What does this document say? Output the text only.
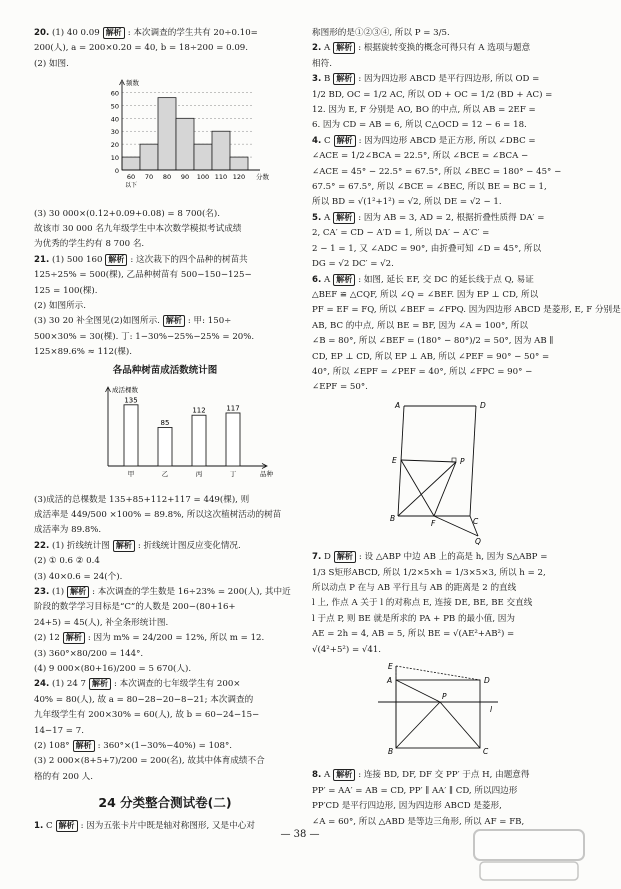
20. (1) 40 0.09 解析 : 本次调查的学生共有 20÷0.10=
200(人), a = 200×0.20 = 40, b = 18÷200 = 0.09.
(2) 如图.
0
10
20
30
40
50
60
频数
60 70 80 90 100 110 120
以下
分数
(3) 30 000×(0.12+0.09+0.08) = 8 700(名).
故该市 30 000 名九年级学生中本次数学模拟考试成绩
为优秀的学生约有 8 700 名.
21. (1) 500 160 解析 : 这次栽下的四个品种的树苗共
125÷25% = 500(棵), 乙品种树苗有 500−150−125−
125 = 100(棵).
(2) 如图所示.
(3) 30 20 补全图见(2)如图所示. 解析 : 甲: 150÷
500×30% = 30(棵). 丁: 1−30%−25%−25% = 20%.
125×89.6% ≈ 112(棵).
各品种树苗成活数统计图
成活棵数
135
甲
85
乙
112
丙
117
丁	品种
(3)成活的总棵数是 135+85+112+117 = 449(棵), 则
成活率是 449/500 ×100% = 89.8%, 所以这次植树活动的树苗
成活率为 89.8%.
22. (1) 折线统计图 解析 : 折线统计图反应变化情况.
(2) ① 0.6 ② 0.4
(3) 40×0.6 = 24(个).
23. (1) 解析 : 本次调查的学生数是 16÷23% = 200(人), 其中近
阶段的数学学习目标是“C”的人数是 200−(80+16+
24+5) = 45(人), 补全条形统计图.
(2) 12 解析 : 因为 m% = 24/200 = 12%, 所以 m = 12.
(3) 360°×80/200 = 144°.
(4) 9 000×(80+16)/200 = 5 670(人).
24. (1) 24 7 解析 : 本次调查的七年级学生有 200×
40% = 80(人), 故 a = 80−28−20−8−21; 本次调查的
九年级学生有 200×30% = 60(人), 故 b = 60−24−15−
14−17 = 7.
(2) 108° 解析 : 360°×(1−30%−40%) = 108°.
(3) 2 000×(8+5+7)/200 = 200(名), 故其中体育成绩不合
格的有 200 人.
24 分类整合测试卷(二)
1. C 解析 : 因为五张卡片中既是轴对称图形, 又是中心对
称图形的是①②③④, 所以 P = 3/5.
2. A 解析 : 根据旋转变换的概念可得只有 A 选项与题意
相符.
3. B 解析 : 因为四边形 ABCD 是平行四边形, 所以 OD =
1/2 BD, OC = 1/2 AC, 所以 OD + OC = 1/2 (BD + AC) =
12. 因为 E, F 分别是 AO, BO 的中点, 所以 AB = 2EF =
6. 因为 CD = AB = 6, 所以 C△OCD = 12 − 6 = 18.
4. C 解析 : 因为四边形 ABCD 是正方形, 所以 ∠DBC =
∠ACE = 1/2∠BCA = 22.5°, 所以 ∠BCE = ∠BCA −
∠ACE = 45° − 22.5° = 67.5°, 所以 ∠BEC = 180° − 45° −
67.5° = 67.5°, 所以 ∠BCE = ∠BEC, 所以 BE = BC = 1,
所以 BD = √(1²+1²) = √2, 所以 DE = √2 − 1.
5. A 解析 : 因为 AB = 3, AD = 2, 根据折叠性质得 DA′ =
2, CA′ = CD − A′D = 1, 所以 DA′ − A′C′ =
2 − 1 = 1, 又 ∠ADC = 90°, 由折叠可知 ∠D = 45°, 所以
DG = √2 DC′ = √2.
6. A 解析 : 如图, 延长 EF, 交 DC 的延长线于点 Q, 易证
△BEF ≌ △CQF, 所以 ∠Q = ∠BEF. 因为 EP ⊥ CD, 所以
PF = EF = FQ, 所以 ∠BEF = ∠FPQ. 因为四边形 ABCD 是菱形, E, F 分别是
AB, BC 的中点, 所以 BE = BF, 因为 ∠A = 100°, 所以
∠B = 80°, 所以 ∠BEF = (180° − 80°)/2 = 50°, 因为 AB ∥
CD, EP ⊥ CD, 所以 EP ⊥ AB, 所以 ∠PEF = 90° − 50° =
40°, 所以 ∠EPF = ∠PEF = 40°, 所以 ∠FPC = 90° −
∠EPF = 50°.
A	D
E	P
B	C
F
Q
7. D 解析 : 设 △ABP 中边 AB 上的高是 h, 因为 S△ABP =
1/3 S矩形ABCD, 所以 1/2×5×h = 1/3×5×3, 所以 h = 2,
所以动点 P 在与 AB 平行且与 AB 的距离是 2 的直线
l 上, 作点 A 关于 l 的对称点 E, 连接 DE, BE, BE 交直线
l 于点 P, 则 BE 就是所求的 PA + PB 的最小值, 因为
AE = 2h = 4, AB = 5, 所以 BE = √(AE²+AB²) =
√(4²+5²) = √41.
E
A	D
B	C
P
l
8. A 解析 : 连接 BD, DF, DF 交 PP′ 于点 H, 由题意得
PP′ = AA′ = AB = CD, PP′ ∥ AA′ ∥ CD, 所以四边形
PP′CD 是平行四边形, 因为四边形 ABCD 是菱形,
∠A = 60°, 所以 △ABD 是等边三角形, 所以 AF = FB,
— 38 —
